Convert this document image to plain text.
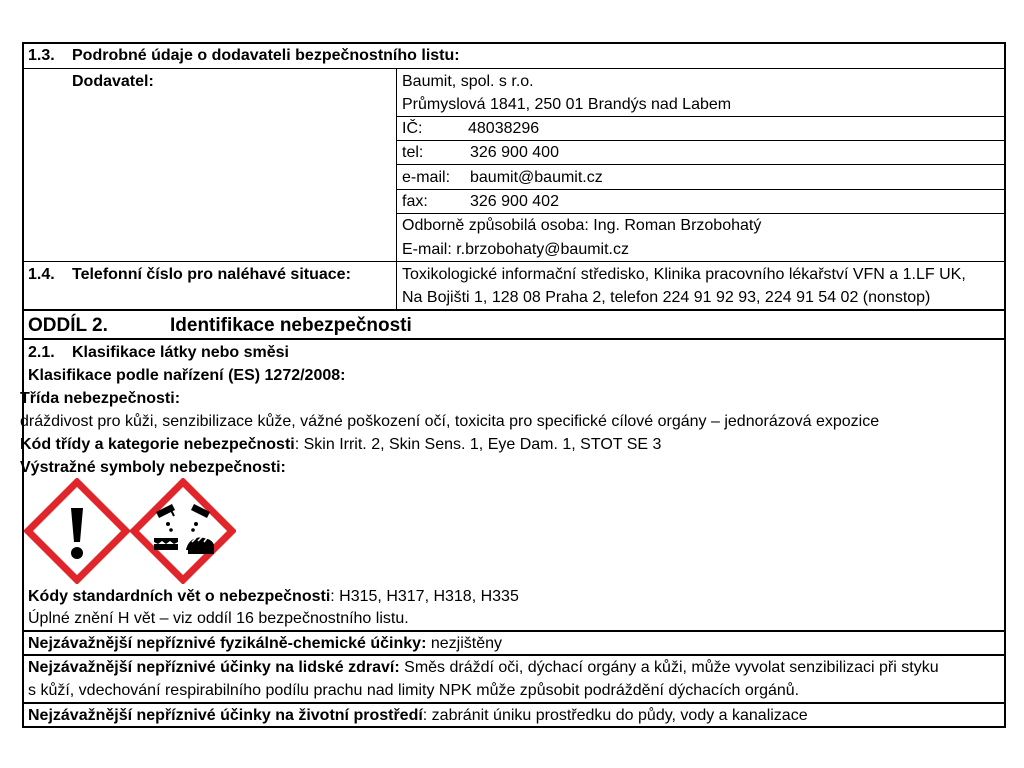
1.3. Podrobné údaje o dodavateli bezpečnostního listu:
Dodavatel:	Baumit, spol. s r.o.
Průmyslová 1841, 250 01 Brandýs nad Labem
IČ:	48038296
tel:	326 900 400
e-mail: baumit@baumit.cz
fax:	326 900 402
Odborně způsobilá osoba: Ing. Roman Brzobohatý
E-mail: r.brzobohaty@baumit.cz
1.4. Telefonní číslo pro naléhavé situace:	Toxikologické informační středisko, Klinika pracovního lékařství VFN a 1.LF UK,
Na Bojišti 1, 128 08 Praha 2, telefon 224 91 92 93, 224 91 54 02 (nonstop)
ODDÍL 2.	Identifikace nebezpečnosti
2.1. Klasifikace látky nebo směsi
Klasifikace podle nařízení (ES) 1272/2008:
Třída nebezpečnosti:
dráždivost pro kůži, senzibilizace kůže, vážné poškození očí, toxicita pro specifické cílové orgány – jednorázová expozice
Kód třídy a kategorie nebezpečnosti: Skin Irrit. 2, Skin Sens. 1, Eye Dam. 1, STOT SE 3
Výstražné symboly nebezpečnosti:
Kódy standardních vět o nebezpečnosti: H315, H317, H318, H335
Úplné znění H vět – viz oddíl 16 bezpečnostního listu.
Nejzávažnější nepříznivé fyzikálně-chemické účinky: nezjištěny
Nejzávažnější nepříznivé účinky na lidské zdraví: Směs dráždí oči, dýchací orgány a kůži, může vyvolat senzibilizaci při styku
s kůží, vdechování respirabilního podílu prachu nad limity NPK může způsobit podráždění dýchacích orgánů.
Nejzávažnější nepříznivé účinky na životní prostředí: zabránit úniku prostředku do půdy, vody a kanalizace
